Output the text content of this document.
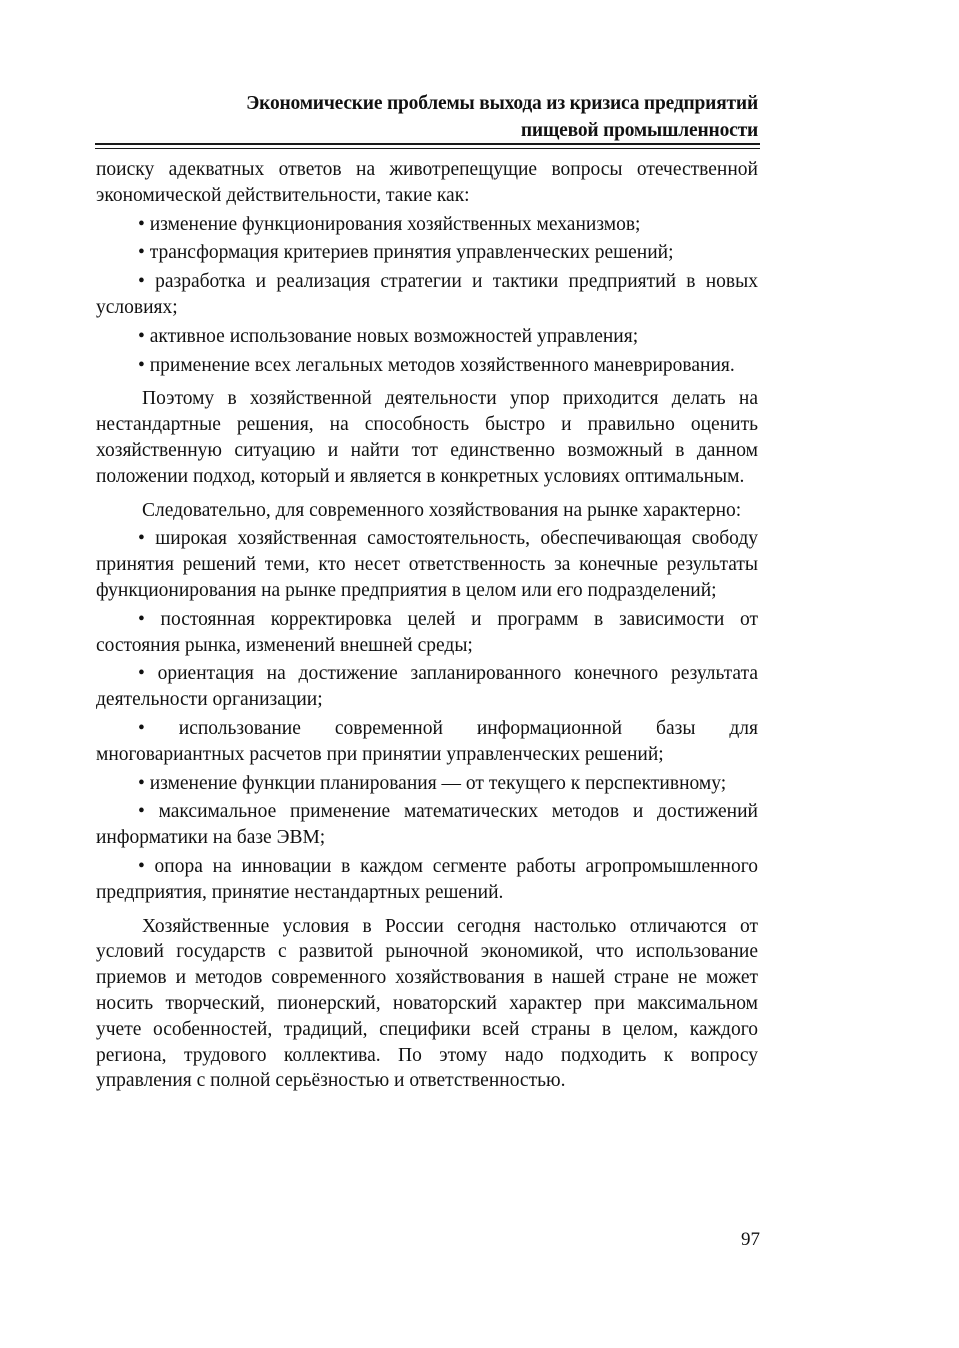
Экономические проблемы выхода из кризиса предприятий
пищевой промышленности

поиску адекватных ответов на животрепещущие вопросы отечественной экономической действительности, такие как:

• изменение функционирования хозяйственных механизмов;

• трансформация критериев принятия управленческих решений;

• разработка и реализация стратегии и тактики предприятий в новых условиях;

• активное использование новых возможностей управления;

• применение всех легальных методов хозяйственного маневрирования.

Поэтому в хозяйственной деятельности упор приходится делать на нестандартные решения, на способность быстро и правильно оценить хозяйственную ситуацию и найти тот единственно возможный в данном положении подход, который и является в конкретных условиях оптимальным.

Следовательно, для современного хозяйствования на рынке характерно:

• широкая хозяйственная самостоятельность, обеспечивающая свободу принятия решений теми, кто несет ответственность за конечные результаты функционирования на рынке предприятия в целом или его подразделений;

• постоянная корректировка целей и программ в зависимости от состояния рынка, изменений внешней среды;

• ориентация на достижение запланированного конечного результата деятельности организации;

• использование современной информационной базы для многовариантных расчетов при принятии управленческих решений;

• изменение функции планирования — от текущего к перспективному;

• максимальное применение математических методов и достижений информатики на базе ЭВМ;

• опора на инновации в каждом сегменте работы агропромышленного предприятия, принятие нестандартных решений.

Хозяйственные условия в России сегодня настолько отличаются от условий государств с развитой рыночной экономикой, что использование приемов и методов современного хозяйствования в нашей стране не может носить творческий, пионерский, новаторский характер при максимальном учете особенностей, традиций, специфики всей страны в целом, каждого региона, трудового коллектива. По этому надо подходить к вопросу управления с полной серьёзностью и ответственностью.

97
